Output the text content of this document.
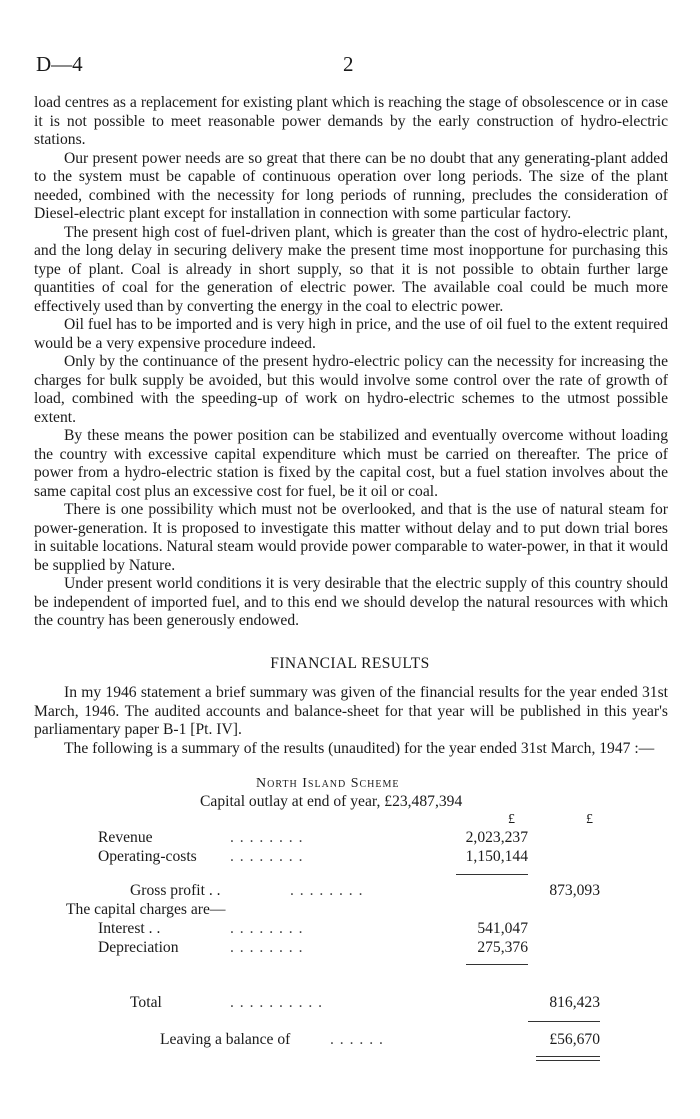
D—4	2

load centres as a replacement for existing plant which is reaching the stage of obsolescence or in case it is not possible to meet reasonable power demands by the early construction of hydro-electric stations.

Our present power needs are so great that there can be no doubt that any generating-plant added to the system must be capable of continuous operation over long periods. The size of the plant needed, combined with the necessity for long periods of running, precludes the consideration of Diesel-electric plant except for installation in connection with some particular factory.

The present high cost of fuel-driven plant, which is greater than the cost of hydro-electric plant, and the long delay in securing delivery make the present time most inopportune for purchasing this type of plant. Coal is already in short supply, so that it is not possible to obtain further large quantities of coal for the generation of electric power. The available coal could be much more effectively used than by converting the energy in the coal to electric power.

Oil fuel has to be imported and is very high in price, and the use of oil fuel to the extent required would be a very expensive procedure indeed.

Only by the continuance of the present hydro-electric policy can the necessity for increasing the charges for bulk supply be avoided, but this would involve some control over the rate of growth of load, combined with the speeding-up of work on hydro-electric schemes to the utmost possible extent.

By these means the power position can be stabilized and eventually overcome without loading the country with excessive capital expenditure which must be carried on thereafter. The price of power from a hydro-electric station is fixed by the capital cost, but a fuel station involves about the same capital cost plus an excessive cost for fuel, be it oil or coal.

There is one possibility which must not be overlooked, and that is the use of natural steam for power-generation. It is proposed to investigate this matter without delay and to put down trial bores in suitable locations. Natural steam would provide power comparable to water-power, in that it would be supplied by Nature.

Under present world conditions it is very desirable that the electric supply of this country should be independent of imported fuel, and to this end we should develop the natural resources with which the country has been generously endowed.

FINANCIAL RESULTS

In my 1946 statement a brief summary was given of the financial results for the year ended 31st March, 1946. The audited accounts and balance-sheet for that year will be published in this year's parliamentary paper B-1 [Pt. IV].

The following is a summary of the results (unaudited) for the year ended 31st March, 1947 :—

North Island Scheme
Capital outlay at end of year, £23,487,394
£	£
Revenue	. . . . . . . .	2,023,237
Operating-costs . . . . . . . .	1,150,144
Gross profit . .	. . . . . . . .	873,093
The capital charges are—
Interest . .	. . . . . . . .	541,047
Depreciation	. . . . . . . .	275,376
Total	. . . . . . . . . .	816,423
Leaving a balance of	. . . . . .	£56,670
